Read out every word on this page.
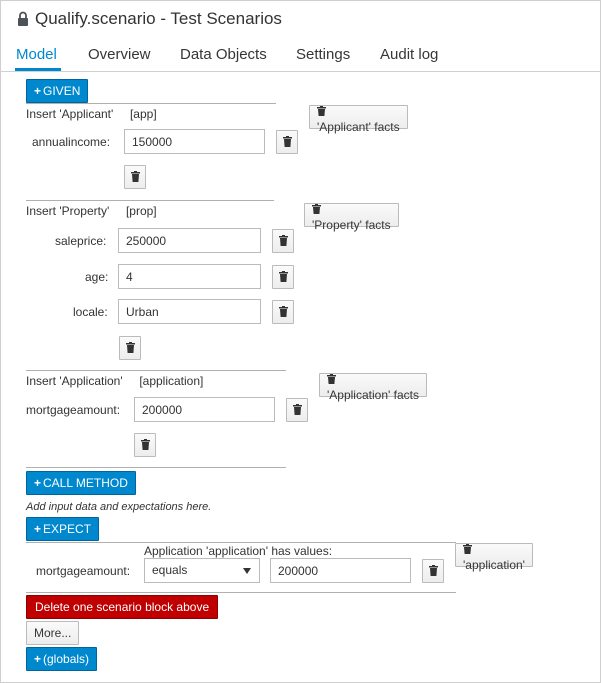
Qualify.scenario - Test Scenarios
Model Overview Data Objects Settings Audit log
+ GIVEN
Insert 'Applicant' [app]
'Applicant' facts
annualincome:
150000
Insert 'Property' [prop]
'Property' facts
saleprice:
250000
age:
4
locale:
Urban
Insert 'Application' [application]
'Application' facts
mortgageamount:
200000
+ CALL METHOD
Add input data and expectations here.
+ EXPECT
Application 'application' has values:
mortgageamount:	equals
200000	'application'
Delete one scenario block above
More...
+ (globals)
